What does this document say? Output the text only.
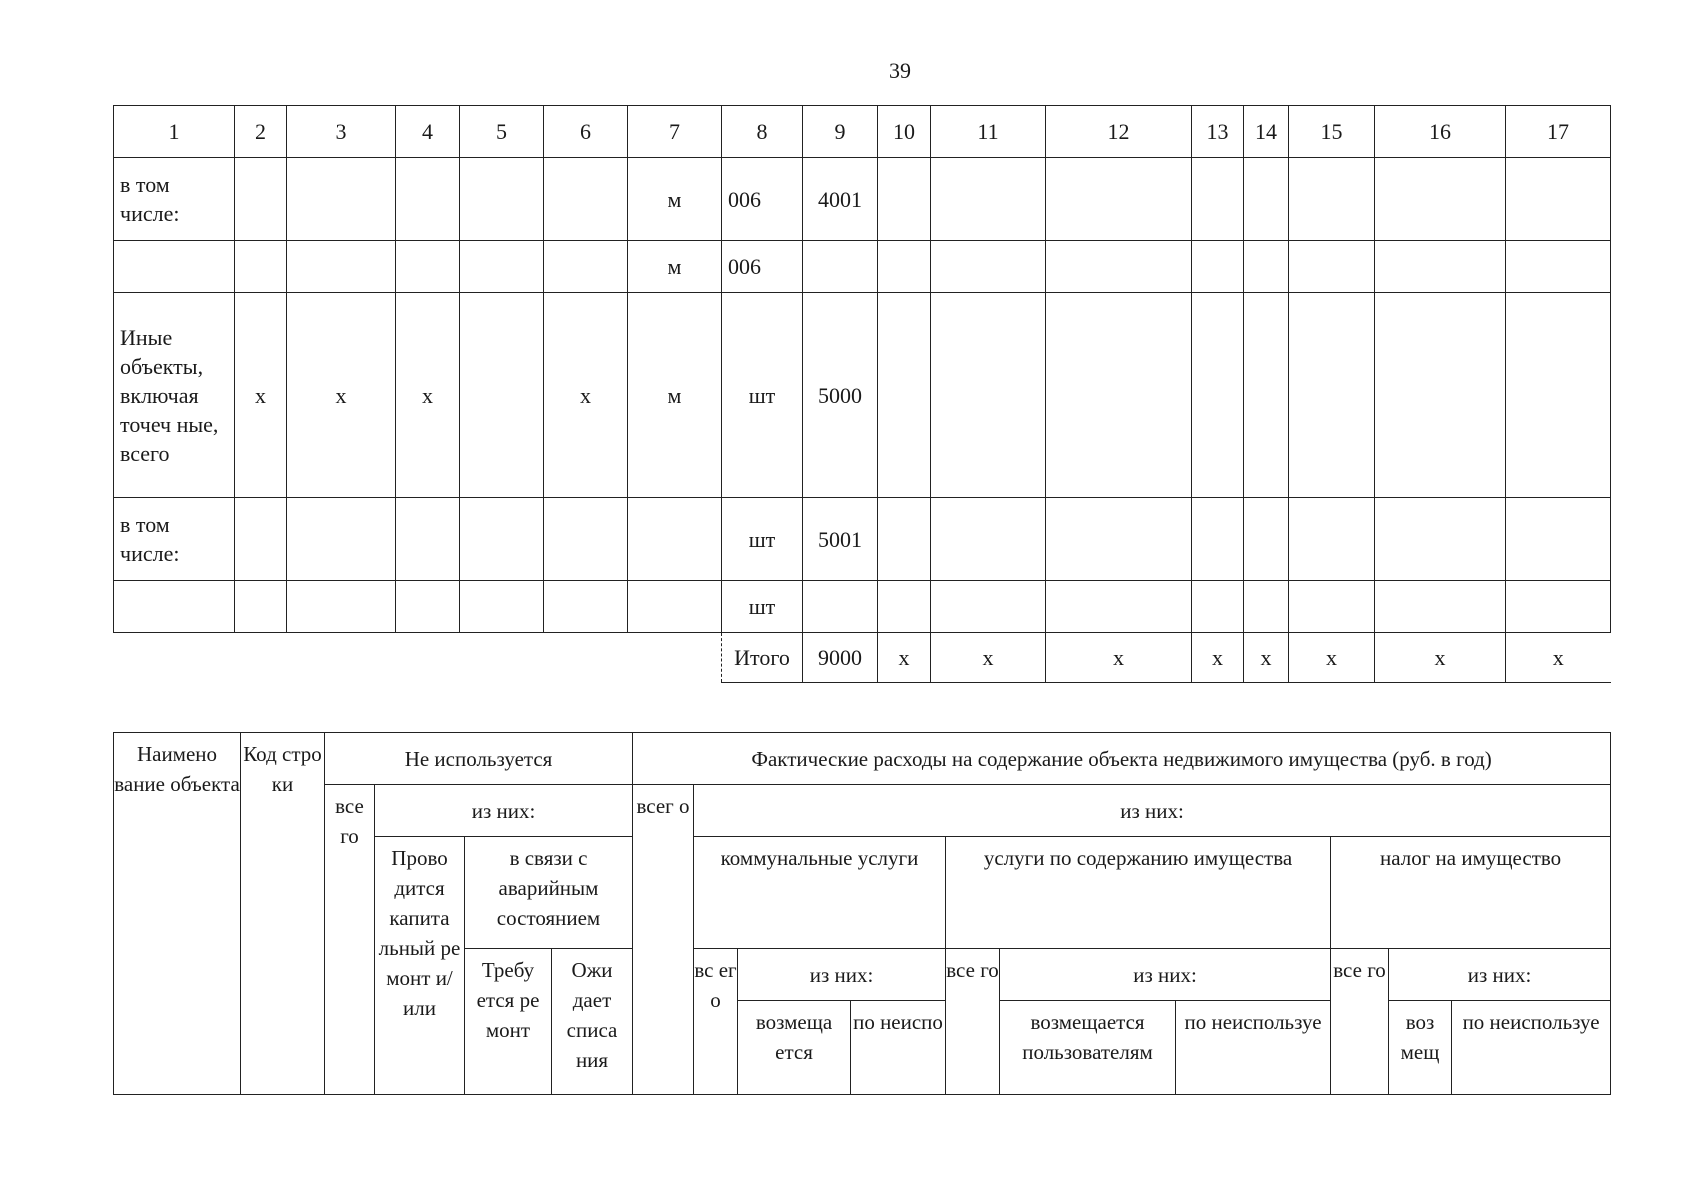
39
1	2	3	4	5	6	7	8	9	10	11	12	13	14	15	16	17
в том числе:						м	006	4001								
						м	006									
Иные объекты, включая точеч ные, всего	х	х	х		х	м	шт	5000								
в том числе:							шт	5001								
							шт									
							Итого	9000	х	х	х	х	х	х	х	х
Наимено вание объекта	Код стро ки	Не используется				Фактические расходы на содержание объекта недвижимого имущества (руб. в год)									
		все го	из них:			всег о	из них:								
			Прово дится капита льный ре монт и/или	в связи с аварийным состоянием			коммунальные услуги			услуги по содержанию имущества			налог на имущество		

				Требу ется ре монт	Ожи дает списа ния		вс ег о	из них:		все го	из них:		все го	из них:	
								возмеща ется	по неиспо		возмещается пользователям	по неиспользуе		воз мещ	по неиспользуе
